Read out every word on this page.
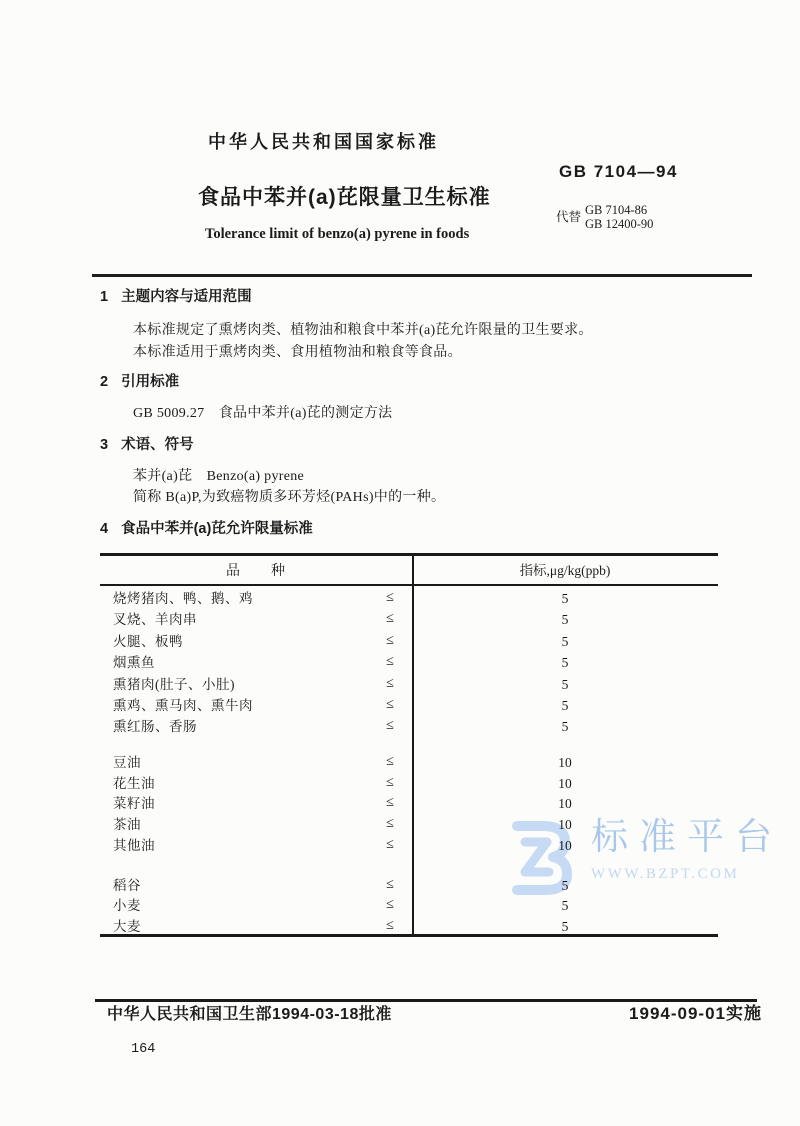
中华人民共和国国家标准
GB 7104—94
食品中苯并(a)芘限量卫生标准
代替 GB 7104-86
GB 12400-90
Tolerance limit of benzo(a) pyrene in foods
1 主题内容与适用范围
本标准规定了熏烤肉类、植物油和粮食中苯并(a)芘允许限量的卫生要求。
本标准适用于熏烤肉类、食用植物油和粮食等食品。
2 引用标准
GB 5009.27　食品中苯并(a)芘的测定方法
3 术语、符号
苯并(a)芘　Benzo(a) pyrene
简称 B(a)P,为致癌物质多环芳烃(PAHs)中的一种。
4 食品中苯并(a)芘允许限量标准
标准平台
WWW.BZPT.COM
品　　种	指标,μg/kg(ppb)
烧烤猪肉、鸭、鹅、鸡	≤	5
叉烧、羊肉串	≤	5
火腿、板鸭	≤	5
烟熏鱼	≤	5
熏猪肉(肚子、小肚)	≤	5
熏鸡、熏马肉、熏牛肉	≤	5
熏红肠、香肠	≤	5
豆油	≤	10
花生油	≤	10
菜籽油	≤	10
茶油	≤	10
其他油	≤	10
稻谷	≤	5
小麦	≤	5
大麦	≤	5
中华人民共和国卫生部1994-03-18批准	1994-09-01实施
164
